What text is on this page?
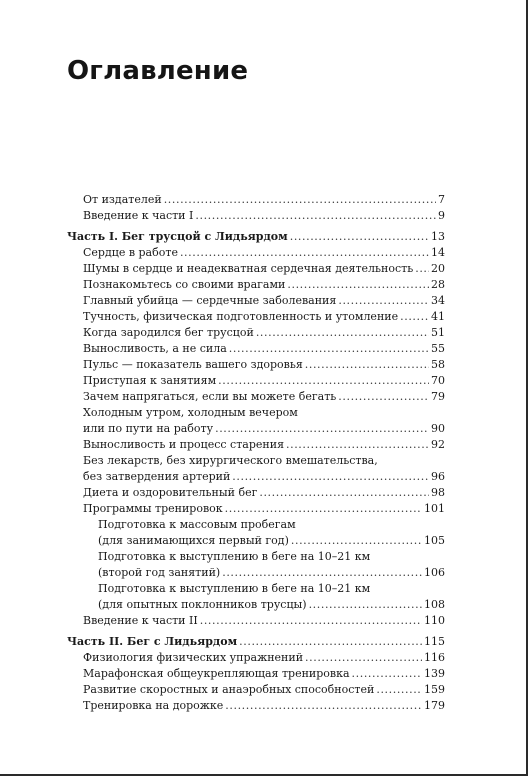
Оглавление
От издателей .....	7
Введение к части I .....	9
Часть I. Бег трусцой с Лидьярдом .....	13
Сердце в работе .....	14
Шумы в сердце и неадекватная сердечная деятельность ..... 20
Познакомьтесь со своими врагами .....	28
Главный убийца — сердечные заболевания .....	34
Тучность, физическая подготовленность и утомление .....	41
Когда зародился бег трусцой .....	51
Выносливость, а не сила .....	55
Пульс — показатель вашего здоровья .....	58
Приступая к занятиям .....	70
Зачем напрягаться, если вы можете бегать .....	79
Холодным утром, холодным вечером
или по пути на работу .....	90
Выносливость и процесс старения .....	92
Без лекарств, без хирургического вмешательства,
без затвердения артерий .....	96
Диета и оздоровительный бег .....	98
Программы тренировок .....	101
Подготовка к массовым пробегам
(для занимающихся первый год) .....	105
Подготовка к выступлению в беге на 10–21 км
(второй год занятий) .....	106
Подготовка к выступлению в беге на 10–21 км
(для опытных поклонников трусцы) .....	108
Введение к части II .....	110
Часть II. Бег с Лидьярдом .....	115
Физиология физических упражнений .....	116
Марафонская общеукрепляющая тренировка .....	139
Развитие скоростных и анаэробных способностей .....	159
Тренировка на дорожке .....	179
